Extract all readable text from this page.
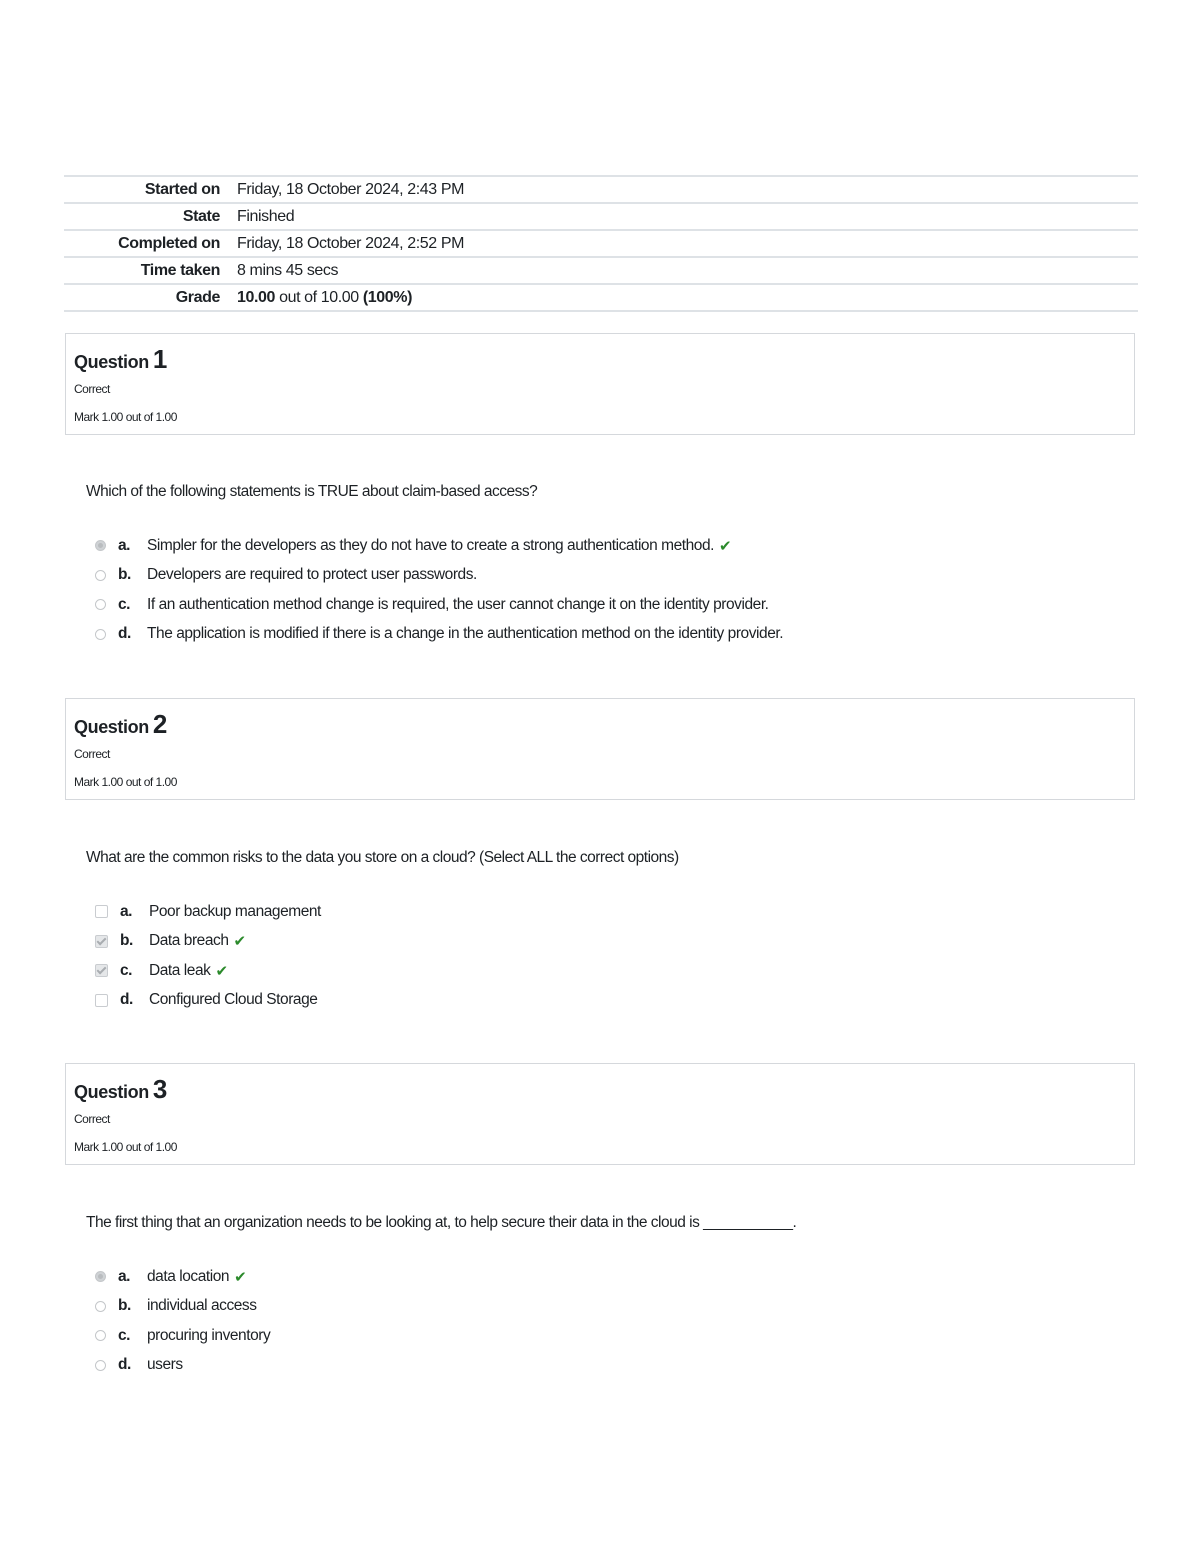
Started on	Friday, 18 October 2024, 2:43 PM
State	Finished
Completed on	Friday, 18 October 2024, 2:52 PM
Time taken	8 mins 45 secs
Grade	10.00 out of 10.00 (100%)
Question 1
Correct
Mark 1.00 out of 1.00
Which of the following statements is TRUE about claim-based access?
a.	Simpler for the developers as they do not have to create a strong authentication method. ✔
b.	Developers are required to protect user passwords.
c.	If an authentication method change is required, the user cannot change it on the identity provider.
d.	The application is modified if there is a change in the authentication method on the identity provider.
Question 2
Correct
Mark 1.00 out of 1.00
What are the common risks to the data you store on a cloud? (Select ALL the correct options)
a.	Poor backup management
b.	Data breach ✔
c.	Data leak ✔
d.	Configured Cloud Storage
Question 3
Correct
Mark 1.00 out of 1.00
The first thing that an organization needs to be looking at, to help secure their data in the cloud is ___________.
a.	data location ✔
b.	individual access
c.	procuring inventory
d.	users
